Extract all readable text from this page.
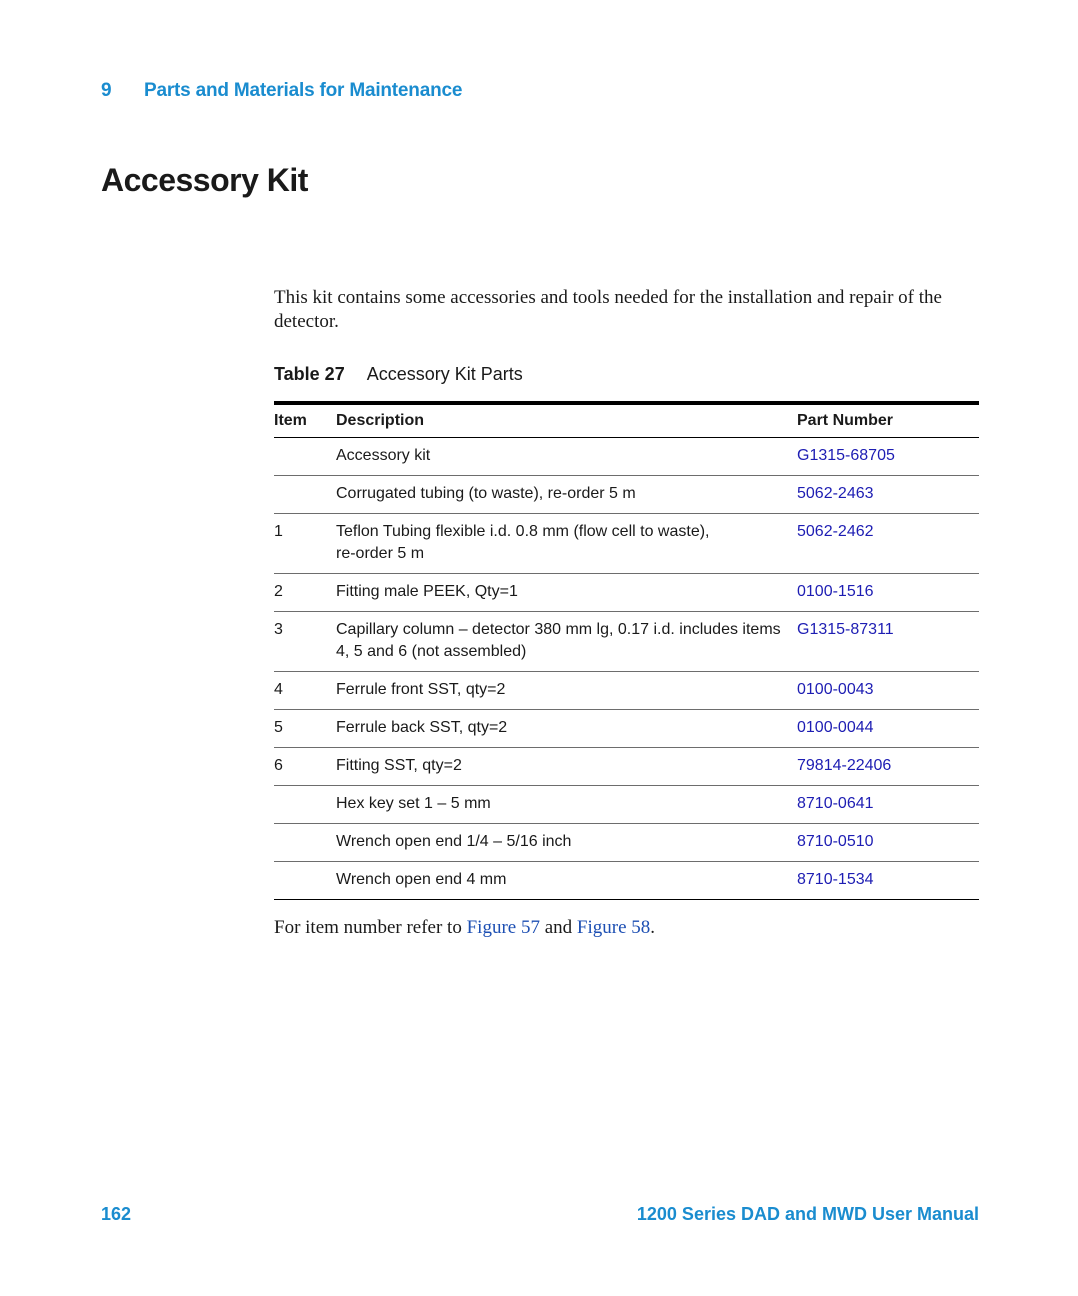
9 Parts and Materials for Maintenance
Accessory Kit

This kit contains some accessories and tools needed for the installation and repair of the detector.

Table 27 Accessory Kit Parts
Item	Description	Part Number
	Accessory kit	G1315-68705
	Corrugated tubing (to waste), re-order 5 m	5062-2463
1	Teflon Tubing flexible i.d. 0.8 mm (flow cell to waste),
re-order 5 m	5062-2462
2	Fitting male PEEK, Qty=1	0100-1516
3	Capillary column – detector 380 mm lg, 0.17 i.d. includes items
4, 5 and 6 (not assembled)	G1315-87311
4	Ferrule front SST, qty=2	0100-0043
5	Ferrule back SST, qty=2	0100-0044
6	Fitting SST, qty=2	79814-22406
	Hex key set 1 – 5 mm	8710-0641
	Wrench open end 1/4 – 5/16 inch	8710-0510
	Wrench open end 4 mm	8710-1534

For item number refer to Figure 57 and Figure 58.

162	1200 Series DAD and MWD User Manual
